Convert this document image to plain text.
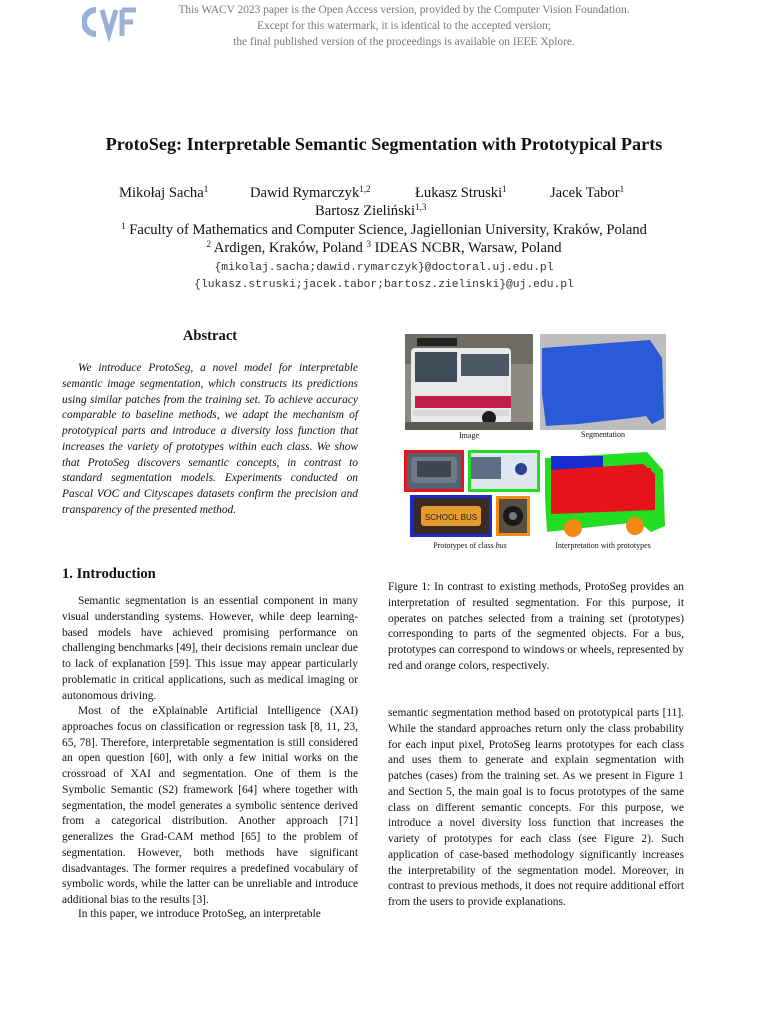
This WACV 2023 paper is the Open Access version, provided by the Computer Vision Foundation.
Except for this watermark, it is identical to the accepted version;
the final published version of the proceedings is available on IEEE Xplore.
ProtoSeg: Interpretable Semantic Segmentation with Prototypical Parts
Mikołaj Sacha$^1$	Dawid Rymarczyk$^{1,2}$	Łukasz Struski$^1$	Jacek Tabor$^1$
Bartosz Zieliński$^{1,3}$
$^1$ Faculty of Mathematics and Computer Science, Jagiellonian University, Kraków, Poland
$^2$ Ardigen, Kraków, Poland $^3$ IDEAS NCBR, Warsaw, Poland
{mikolaj.sacha;dawid.rymarczyk}@doctoral.uj.edu.pl
{lukasz.struski;jacek.tabor;bartosz.zielinski}@uj.edu.pl
Abstract
We introduce ProtoSeg, a novel model for interpretable semantic image segmentation, which constructs its predictions using similar patches from the training set. To achieve accuracy comparable to baseline methods, we adapt the mechanism of prototypical parts and introduce a diversity loss function that increases the variety of prototypes within each class. We show that ProtoSeg discovers semantic concepts, in contrast to standard segmentation models. Experiments conducted on Pascal VOC and Cityscapes datasets confirm the precision and transparency of the presented method.
1. Introduction
Semantic segmentation is an essential component in many visual understanding systems. However, while deep learning-based models have achieved promising performance on challenging benchmarks [49], their decisions remain unclear due to lack of explanation [59]. This issue may appear particularly problematic in critical applications, such as medical imaging or autonomous driving.
Most of the eXplainable Artificial Intelligence (XAI) approaches focus on classification or regression task [8, 11, 23, 65, 78]. Therefore, interpretable segmentation is still considered an open question [60], with only a few initial works on the crossroad of XAI and segmentation. One of them is the Symbolic Semantic (S2) framework [64] where together with segmentation, the model generates a symbolic sentence derived from a categorical distribution. Another approach [71] generalizes the Grad-CAM method [65] to the problem of segmentation. However, both methods have significant disadvantages. The former requires a predefined vocabulary of symbolic words, while the latter can be unreliable and introduce additional bias to the results [3].
In this paper, we introduce ProtoSeg, an interpretable
semantic segmentation method based on prototypical parts [11]. While the standard approaches return only the class probability for each input pixel, ProtoSeg learns prototypes for each class and uses them to generate and explain segmentation with patches (cases) from the training set. As we present in Figure 1 and Section 5, the main goal is to focus prototypes of the same class on different semantic concepts. For this purpose, we introduce a novel diversity loss function that increases the variety of prototypes for each class (see Figure 2). Such application of case-based methodology significantly increases the interpretability of the segmentation model. Moreover, in contrast to previous methods, it does not require additional effort from the users to provide explanations.
Image	Segmentation
SCHOOL BUS
Prototypes of class bus	Interpretation with prototypes
Figure 1: In contrast to existing methods, ProtoSeg provides an interpretation of resulted segmentation. For this purpose, it operates on patches selected from a training set (prototypes) corresponding to parts of the segmented objects. For a bus, prototypes can correspond to windows or wheels, represented by red and orange colors, respectively.
